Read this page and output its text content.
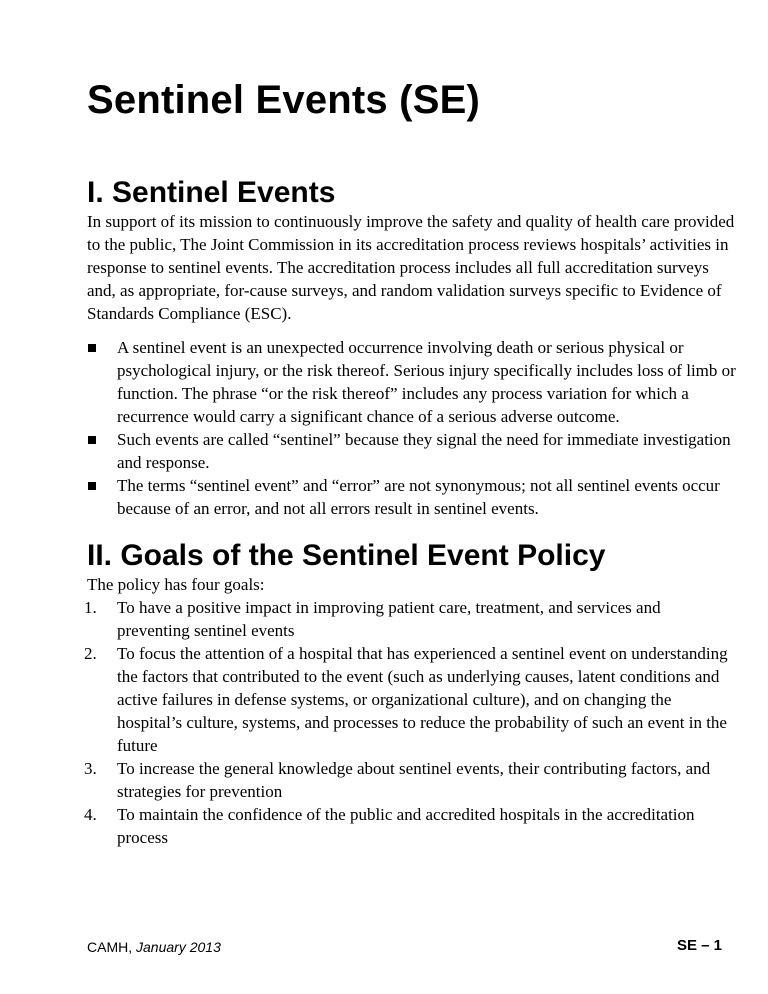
Sentinel Events (SE)
I. Sentinel Events

In support of its mission to continuously improve the safety and quality of health care provided to the public, The Joint Commission in its accreditation process reviews hospitals’ activities in response to sentinel events. The accreditation process includes all full accreditation surveys and, as appropriate, for-cause surveys, and random validation surveys specific to Evidence of Standards Compliance (ESC).

A sentinel event is an unexpected occurrence involving death or serious physical or psychological injury, or the risk thereof. Serious injury specifically includes loss of limb or function. The phrase “or the risk thereof” includes any process variation for which a recurrence would carry a significant chance of a serious adverse outcome.
Such events are called “sentinel” because they signal the need for immediate investigation and response.
The terms “sentinel event” and “error” are not synonymous; not all sentinel events occur because of an error, and not all errors result in sentinel events.
II. Goals of the Sentinel Event Policy

The policy has four goals:

1. To have a positive impact in improving patient care, treatment, and services and preventing sentinel events
2. To focus the attention of a hospital that has experienced a sentinel event on understanding the factors that contributed to the event (such as underlying causes, latent conditions and active failures in defense systems, or organizational culture), and on changing the hospital’s culture, systems, and processes to reduce the probability of such an event in the future
3. To increase the general knowledge about sentinel events, their contributing factors, and strategies for prevention
4. To maintain the confidence of the public and accredited hospitals in the accreditation process
CAMH, January 2013	SE – 1
